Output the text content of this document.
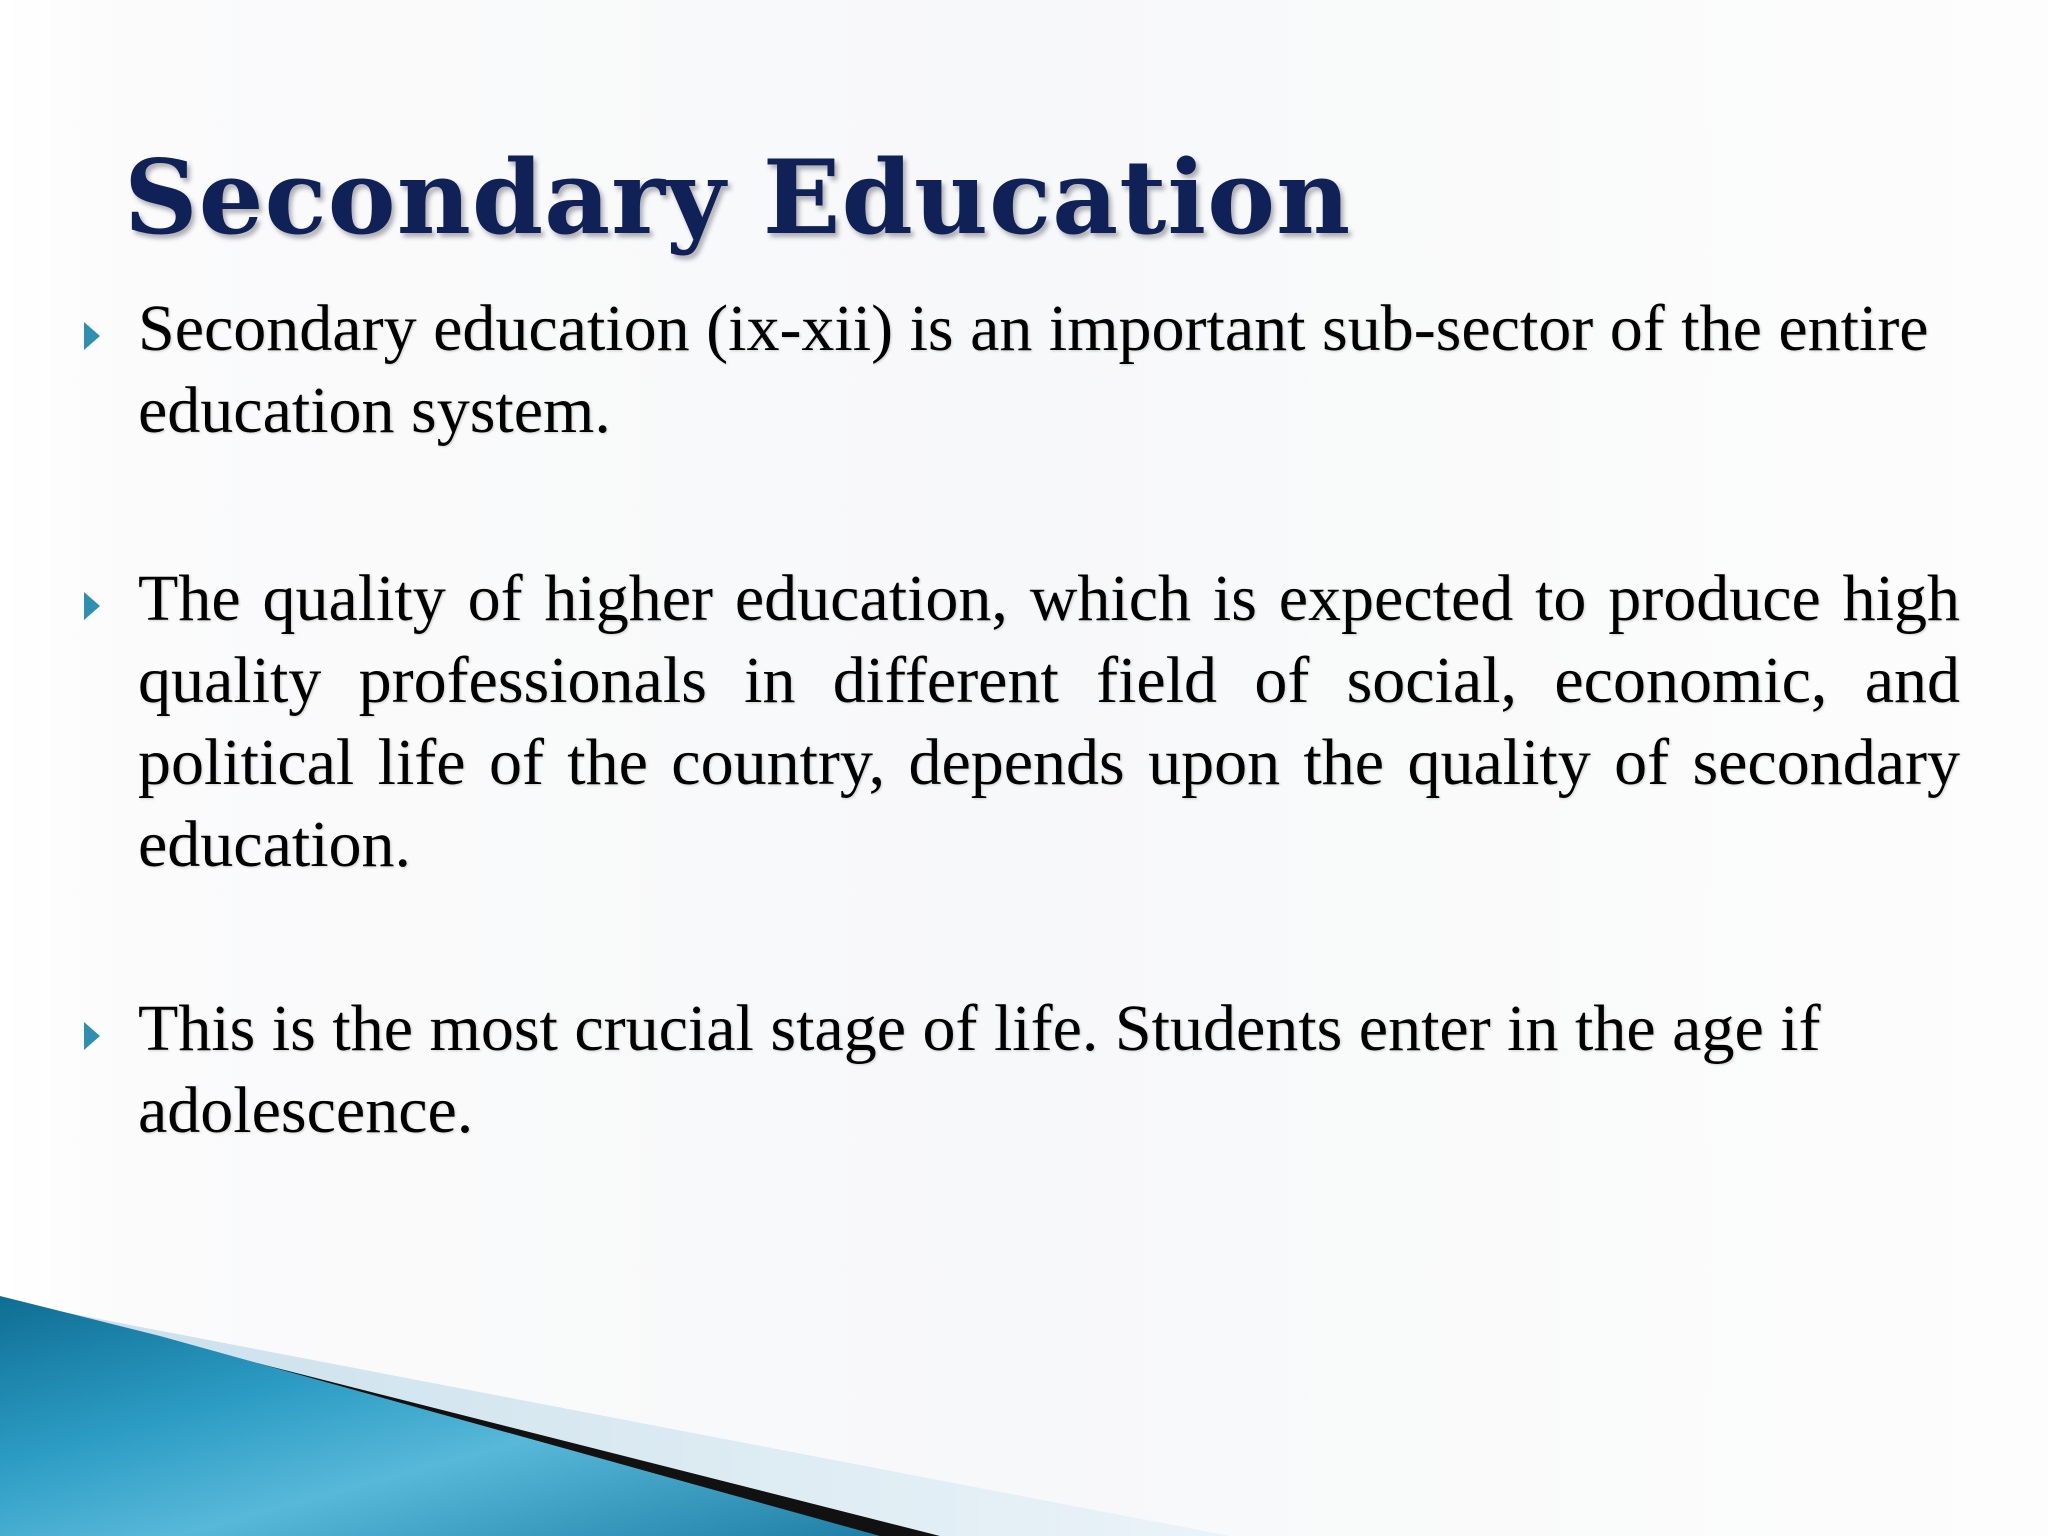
Secondary Education
Secondary education (ix-xii) is an important sub-sector of the entire education system.
The quality of higher education, which is expected to produce high quality professionals in different field of social, economic, and political life of the country, depends upon the quality of secondary education.
This is the most crucial stage of life. Students enter in the age if adolescence.
